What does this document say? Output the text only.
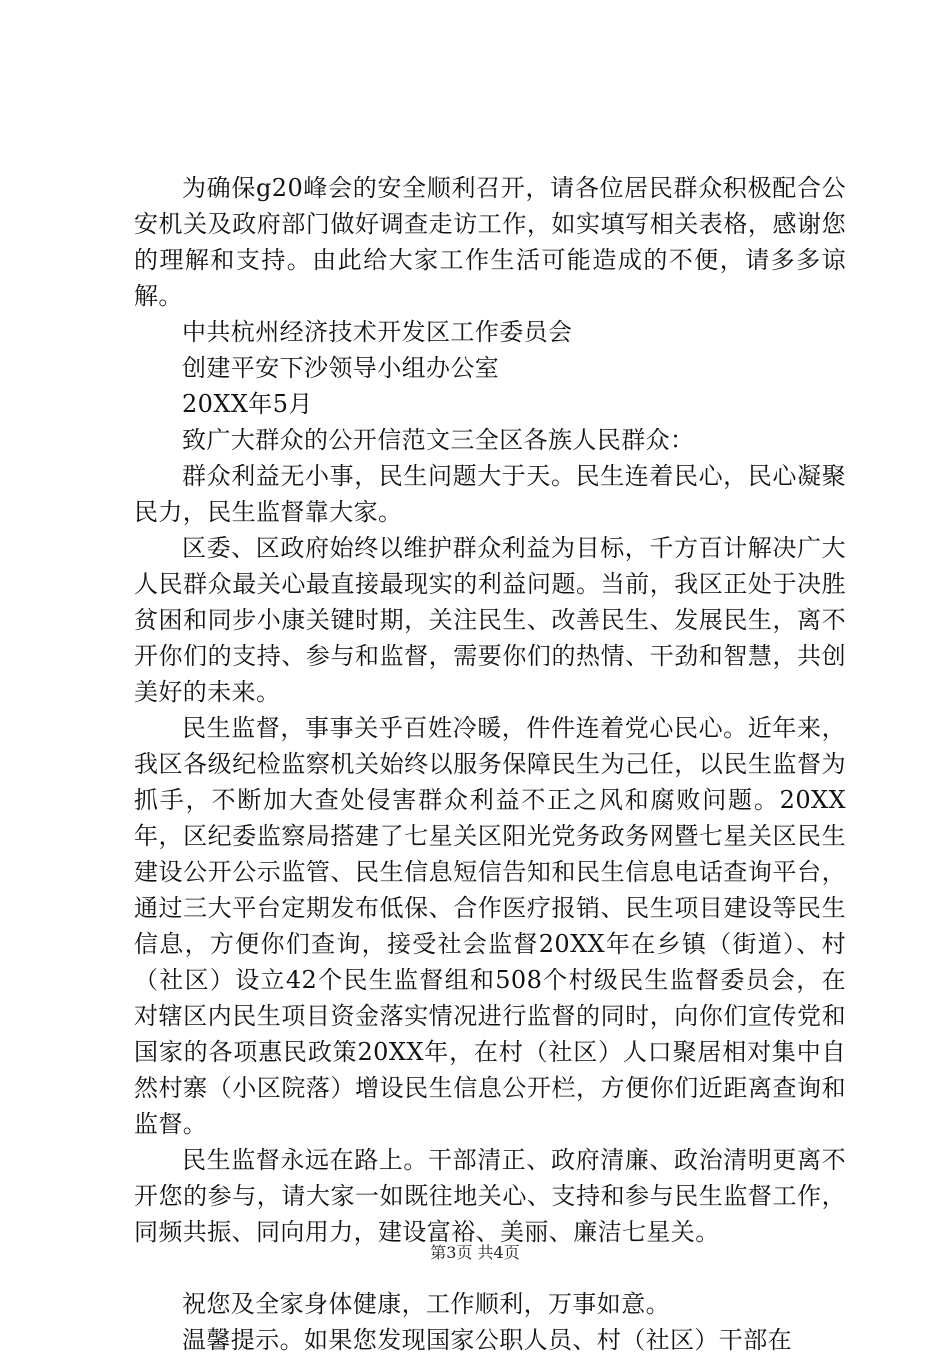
为确保g20峰会的安全顺利召开，请各位居民群众积极配合公安机关及政府部门做好调查走访工作，如实填写相关表格，感谢您的理解和支持。由此给大家工作生活可能造成的不便，请多多谅解。

中共杭州经济技术开发区工作委员会

创建平安下沙领导小组办公室

20XX年5月

致广大群众的公开信范文三全区各族人民群众：

群众利益无小事，民生问题大于天。民生连着民心，民心凝聚民力，民生监督靠大家。

区委、区政府始终以维护群众利益为目标，千方百计解决广大人民群众最关心最直接最现实的利益问题。当前，我区正处于决胜贫困和同步小康关键时期，关注民生、改善民生、发展民生，离不开你们的支持、参与和监督，需要你们的热情、干劲和智慧，共创美好的未来。

民生监督，事事关乎百姓冷暖，件件连着党心民心。近年来，我区各级纪检监察机关始终以服务保障民生为己任，以民生监督为抓手，不断加大查处侵害群众利益不正之风和腐败问题。20XX年，区纪委监察局搭建了七星关区阳光党务政务网暨七星关区民生建设公开公示监管、民生信息短信告知和民生信息电话查询平台，通过三大平台定期发布低保、合作医疗报销、民生项目建设等民生信息，方便你们查询，接受社会监督20XX年在乡镇（街道）、村（社区）设立42个民生监督组和508个村级民生监督委员会，在对辖区内民生项目资金落实情况进行监督的同时，向你们宣传党和国家的各项惠民政策20XX年，在村（社区）人口聚居相对集中自然村寨（小区院落）增设民生信息公开栏，方便你们近距离查询和监督。

民生监督永远在路上。干部清正、政府清廉、政治清明更离不开您的参与，请大家一如既往地关心、支持和参与民生监督工作，同频共振、同向用力，建设富裕、美丽、廉洁七星关。

祝您及全家身体健康，工作顺利，万事如意。

温馨提示。如果您发现国家公职人员、村（社区）干部在

第3页 共4页
